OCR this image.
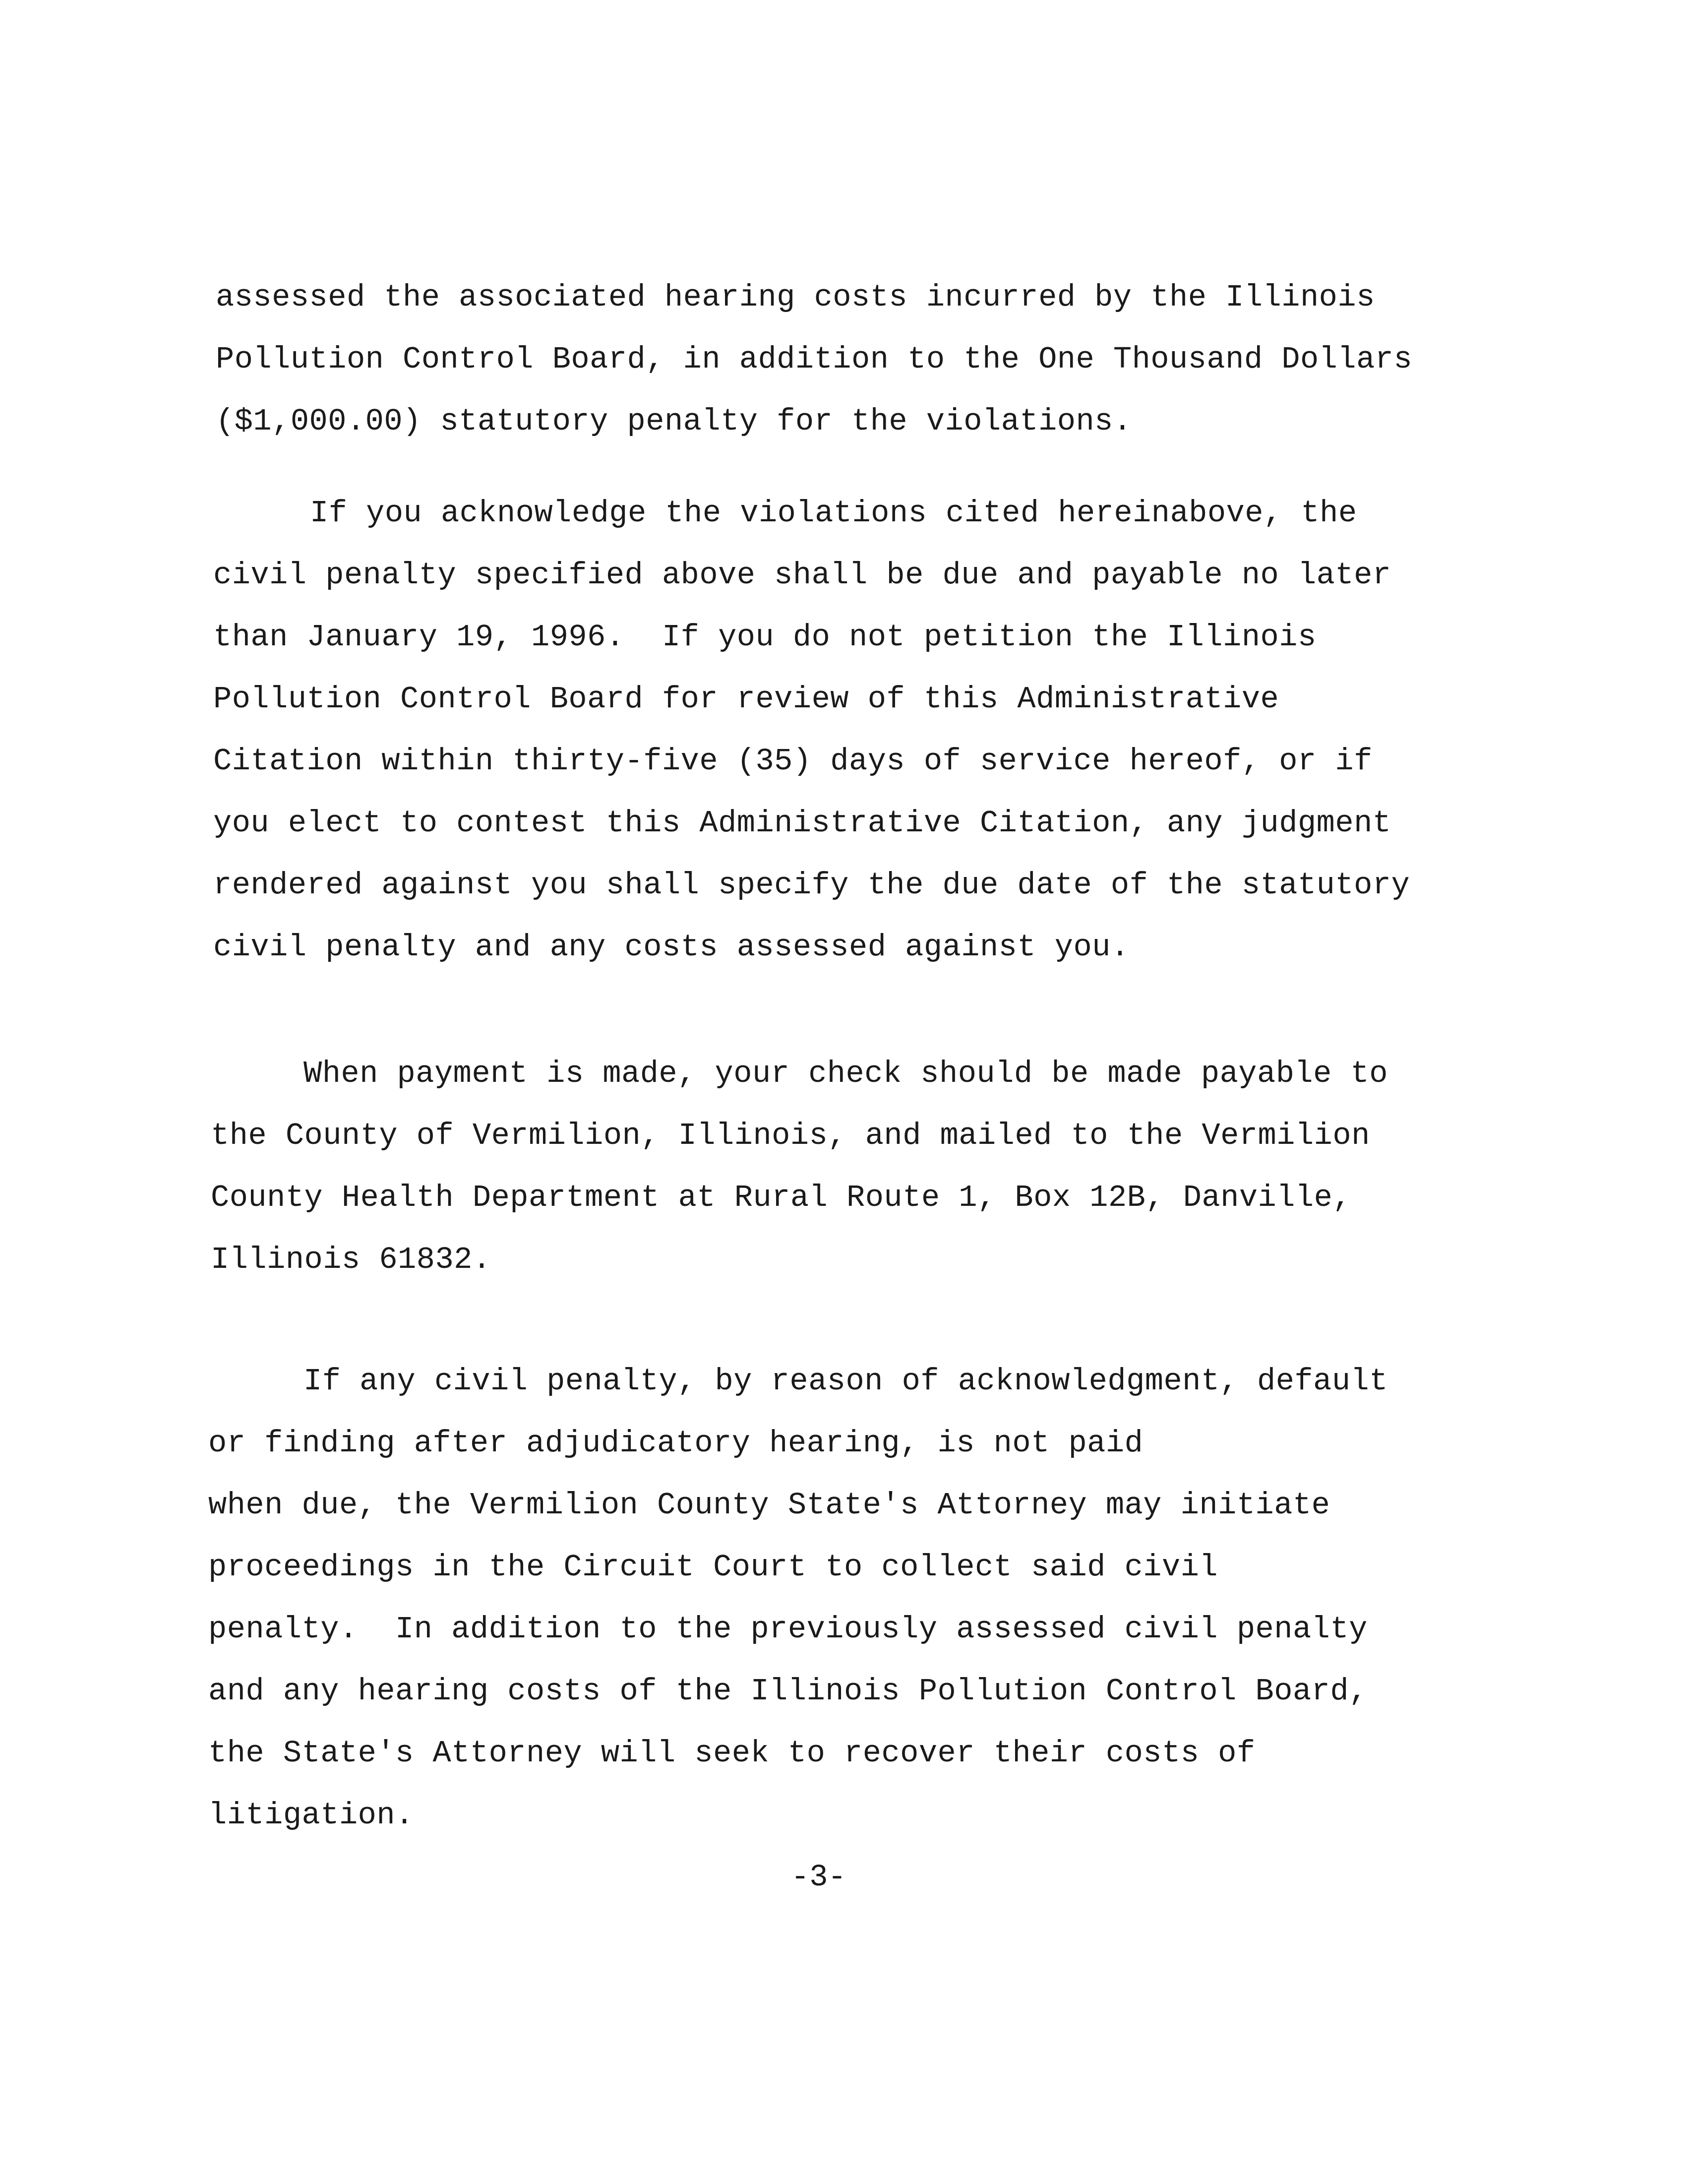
assessed the associated hearing costs incurred by the Illinois
Pollution Control Board, in addition to the One Thousand Dollars
($1,000.00) statutory penalty for the violations.
If you acknowledge the violations cited hereinabove, the
civil penalty specified above shall be due and payable no later
than January 19, 1996.  If you do not petition the Illinois
Pollution Control Board for review of this Administrative
Citation within thirty-five (35) days of service hereof, or if
you elect to contest this Administrative Citation, any judgment
rendered against you shall specify the due date of the statutory
civil penalty and any costs assessed against you.
When payment is made, your check should be made payable to
the County of Vermilion, Illinois, and mailed to the Vermilion
County Health Department at Rural Route 1, Box 12B, Danville,
Illinois 61832.
If any civil penalty, by reason of acknowledgment, default
or finding after adjudicatory hearing, is not paid
when due, the Vermilion County State's Attorney may initiate
proceedings in the Circuit Court to collect said civil
penalty.  In addition to the previously assessed civil penalty
and any hearing costs of the Illinois Pollution Control Board,
the State's Attorney will seek to recover their costs of
litigation.
-3-
